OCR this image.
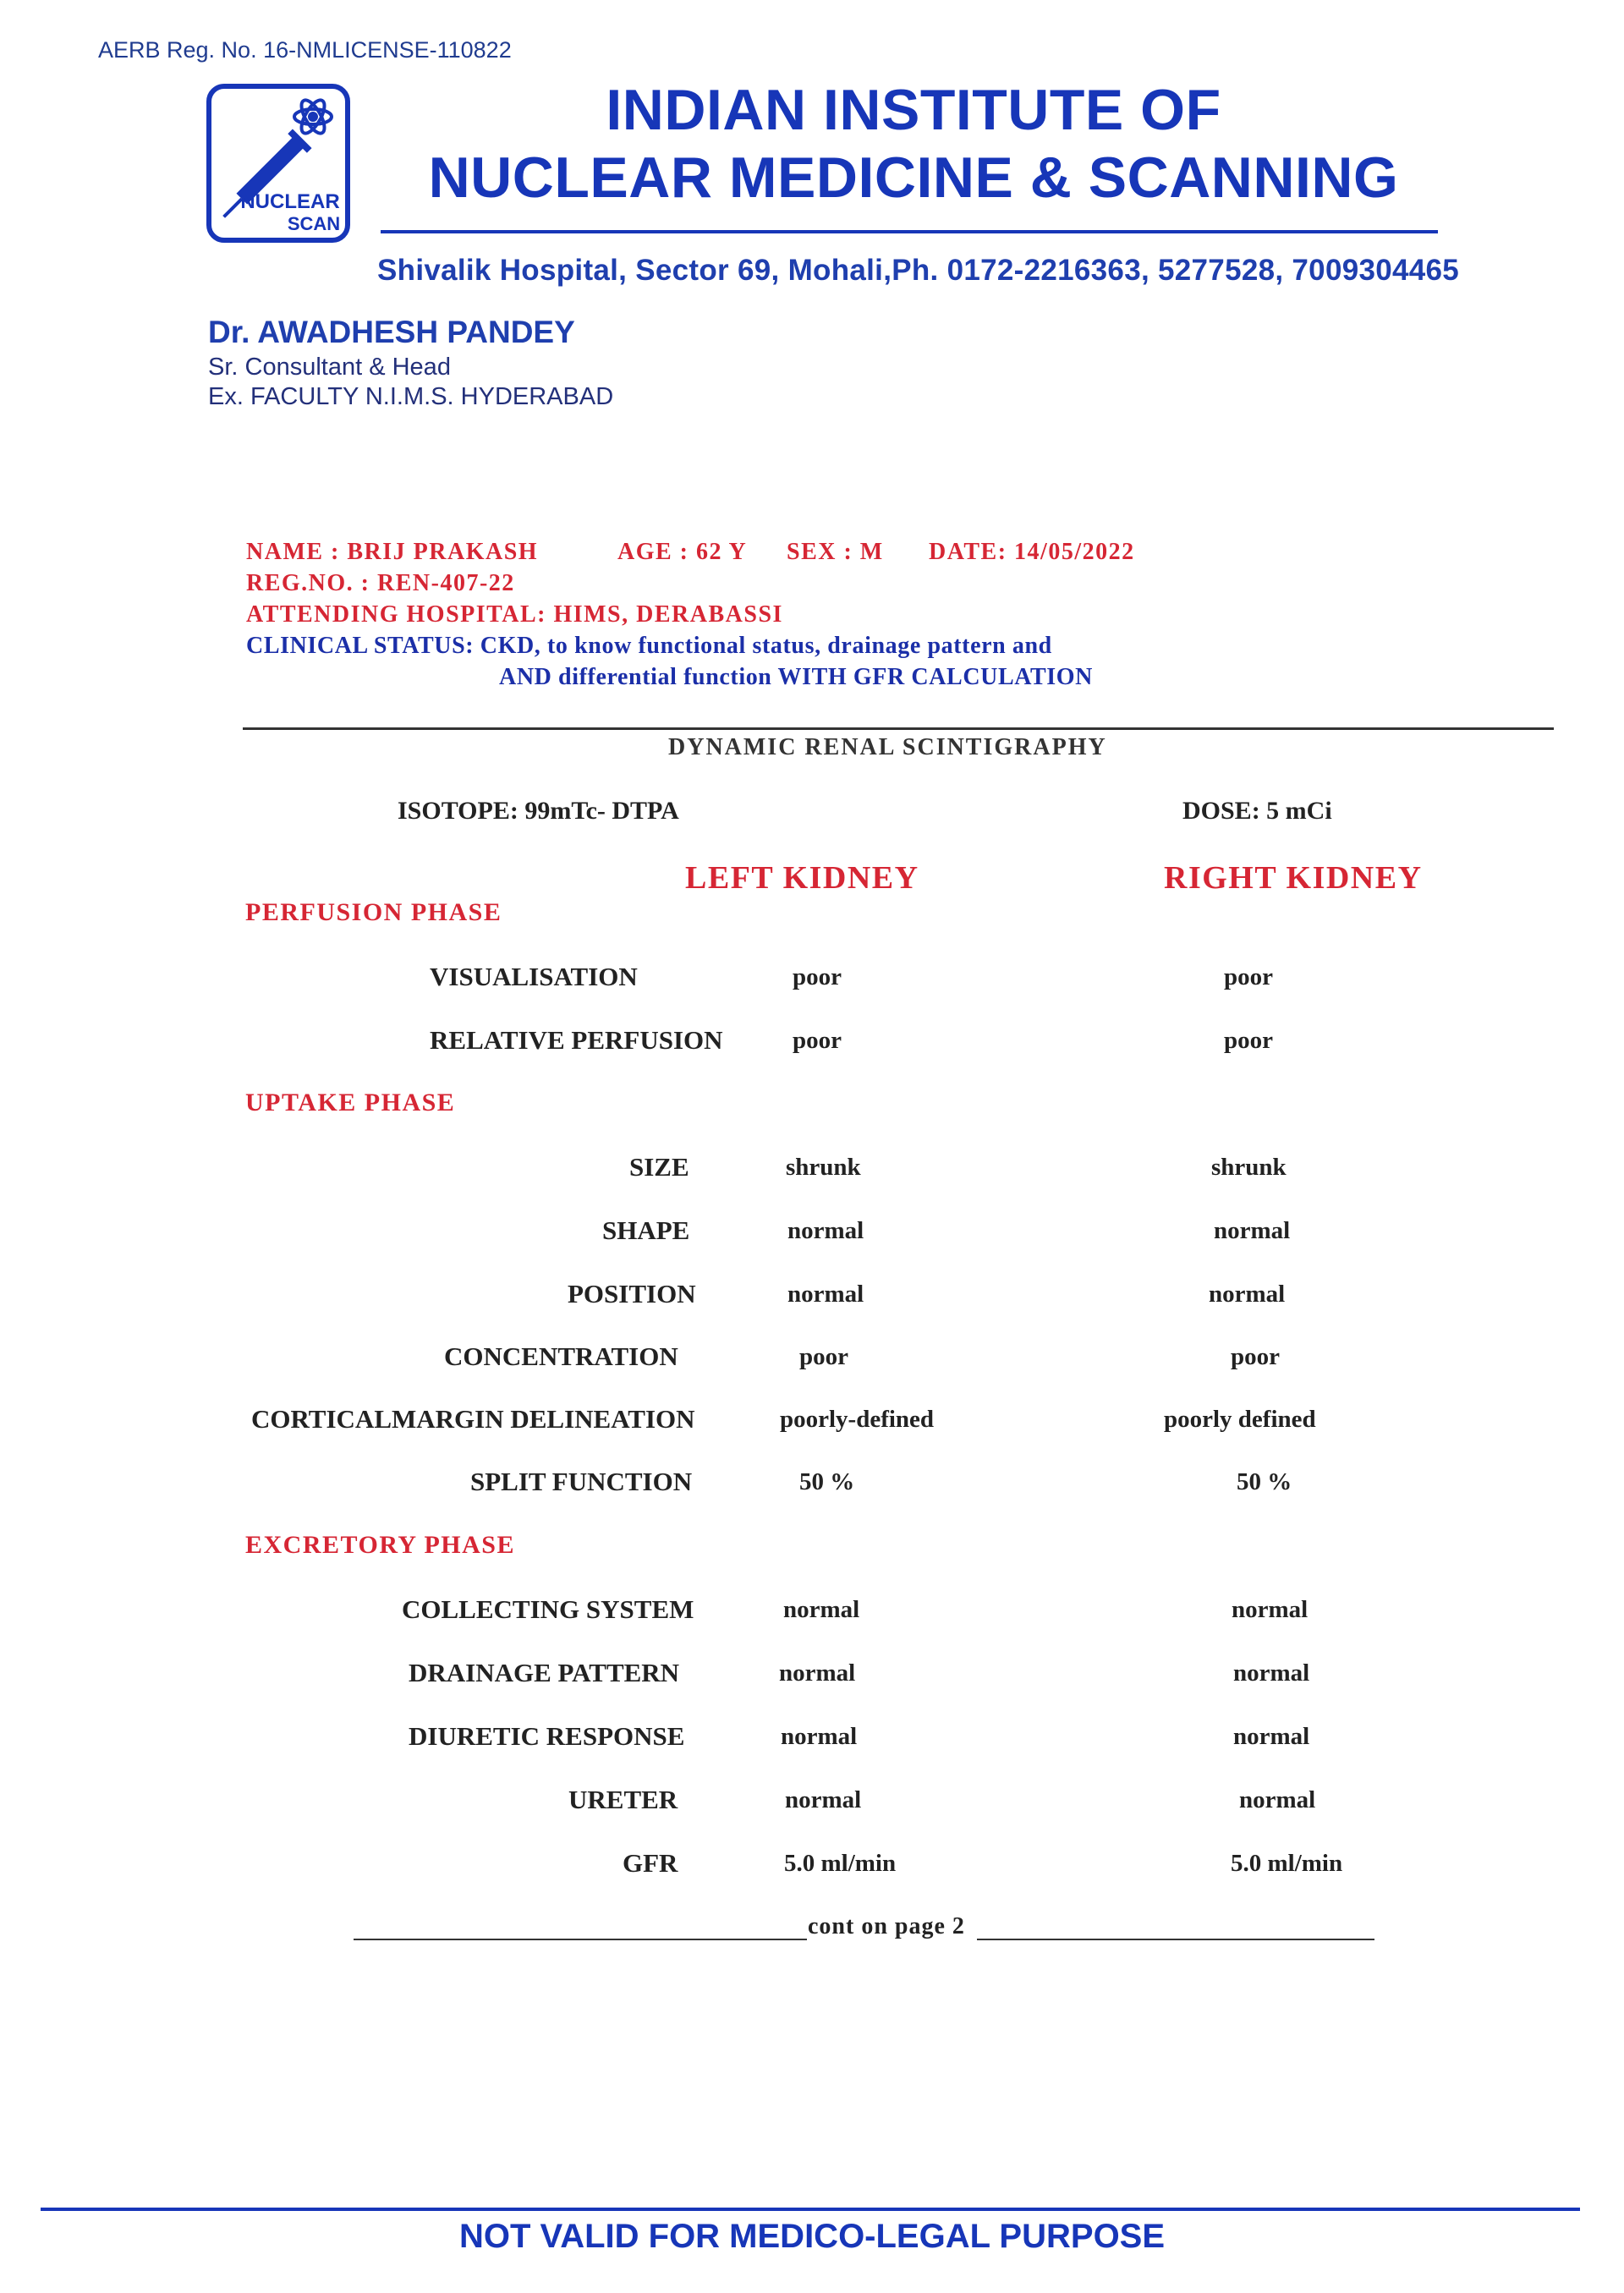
AERB Reg. No. 16-NMLICENSE-110822
NUCLEAR
SCAN
INDIAN INSTITUTE OF
NUCLEAR MEDICINE & SCANNING
Shivalik Hospital, Sector 69, Mohali,Ph. 0172-2216363, 5277528, 7009304465
Dr. AWADHESH PANDEY
Sr. Consultant & Head
Ex. FACULTY N.I.M.S. HYDERABAD
NAME : BRIJ PRAKASH	AGE : 62 Y SEX : M DATE: 14/05/2022
REG.NO. : REN-407-22
ATTENDING HOSPITAL: HIMS, DERABASSI
CLINICAL STATUS: CKD, to know functional status, drainage pattern and
AND differential function WITH GFR CALCULATION
DYNAMIC RENAL SCINTIGRAPHY
ISOTOPE: 99mTc- DTPA	DOSE: 5 mCi
LEFT KIDNEY	RIGHT KIDNEY
PERFUSION PHASE
VISUALISATION	poor	poor
RELATIVE PERFUSION	poor	poor
UPTAKE PHASE
SIZE	shrunk	shrunk
SHAPE	normal	normal
POSITION	normal	normal
CONCENTRATION	poor	poor
CORTICALMARGIN DELINEATION	poorly-defined	poorly defined
SPLIT FUNCTION	50 %	50 %
EXCRETORY PHASE
COLLECTING SYSTEM	normal	normal
DRAINAGE PATTERN	normal	normal
DIURETIC RESPONSE	normal	normal
URETER	normal	normal
GFR	5.0 ml/min	5.0 ml/min
cont on page 2
NOT VALID FOR MEDICO-LEGAL PURPOSE
